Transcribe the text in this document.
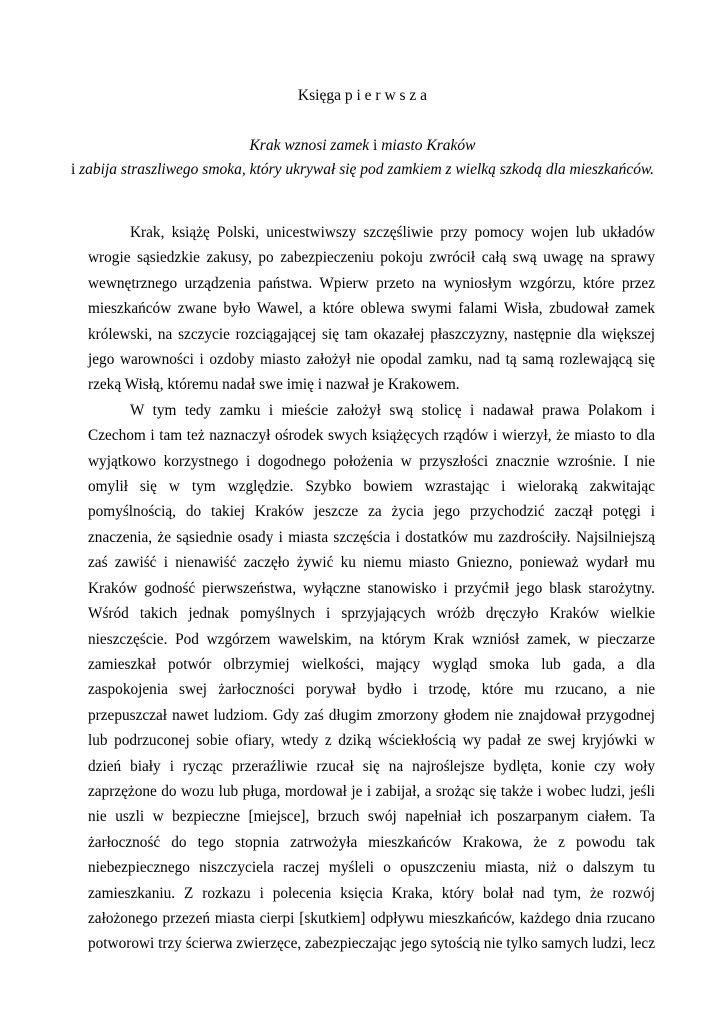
Księga p i e r w s z a
Krak wznosi zamek i miasto Kraków
i zabija straszliwego smoka, który ukrywał się pod zamkiem z wielką szkodą dla mieszkańców.

Krak, książę Polski, unicestwiwszy szczęśliwie przy pomocy wojen lub układów wrogie sąsiedzkie zakusy, po zabezpieczeniu pokoju zwrócił całą swą uwagę na sprawy wewnętrznego urządzenia państwa. Wpierw przeto na wyniosłym wzgórzu, które przez mieszkańców zwane było Wawel, a które oblewa swymi falami Wisła, zbudował zamek królewski, na szczycie rozciągającej się tam okazałej płaszczyzny, następnie dla większej jego warowności i ozdoby miasto założył nie opodal zamku, nad tą samą rozlewającą się rzeką Wisłą, któremu nadał swe imię i nazwał je Krakowem.

W tym tedy zamku i mieście założył swą stolicę i nadawał prawa Polakom i Czechom i tam też naznaczył ośrodek swych książęcych rządów i wierzył, że miasto to dla wyjątkowo korzystnego i dogodnego położenia w przyszłości znacznie wzrośnie. I nie omylił się w tym względzie. Szybko bowiem wzrastając i wieloraką zakwitając pomyślnością, do takiej Kraków jeszcze za życia jego przychodzić zaczął potęgi i znaczenia, że sąsiednie osady i miasta szczęścia i dostatków mu zazdrościły. Najsilniejszą zaś zawiść i nienawiść zaczęło żywić ku niemu miasto Gniezno, ponieważ wydarł mu Kraków godność pierwszeństwa, wyłączne stanowisko i przyćmił jego blask starożytny. Wśród takich jednak pomyślnych i sprzyjających wróżb dręczyło Kraków wielkie nieszczęście. Pod wzgórzem wawelskim, na którym Krak wzniósł zamek, w pieczarze zamieszkał potwór olbrzymiej wielkości, mający wygląd smoka lub gada, a dla zaspokojenia swej żarłoczności porywał bydło i trzodę, które mu rzucano, a nie przepuszczał nawet ludziom. Gdy zaś długim zmorzony głodem nie znajdował przygodnej lub podrzuconej sobie ofiary, wtedy z dziką wściekłością wy padał ze swej kryjówki w dzień biały i rycząc przeraźliwie rzucał się na najroślejsze bydlęta, konie czy woły zaprzężone do wozu lub pługa, mordował je i zabijał, a srożąc się także i wobec ludzi, jeśli nie uszli w bezpieczne [miejsce], brzuch swój napełniał ich poszarpanym ciałem. Ta żarłoczność do tego stopnia zatrwożyła mieszkańców Krakowa, że z powodu tak niebezpiecznego niszczyciela raczej myśleli o opuszczeniu miasta, niż o dalszym tu zamieszkaniu. Z rozkazu i polecenia księcia Kraka, który bolał nad tym, że rozwój założonego przezeń miasta cierpi [skutkiem] odpływu mieszkańców, każdego dnia rzucano potworowi trzy ścierwa zwierzęce, zabezpieczając jego sytością nie tylko samych ludzi, lecz
